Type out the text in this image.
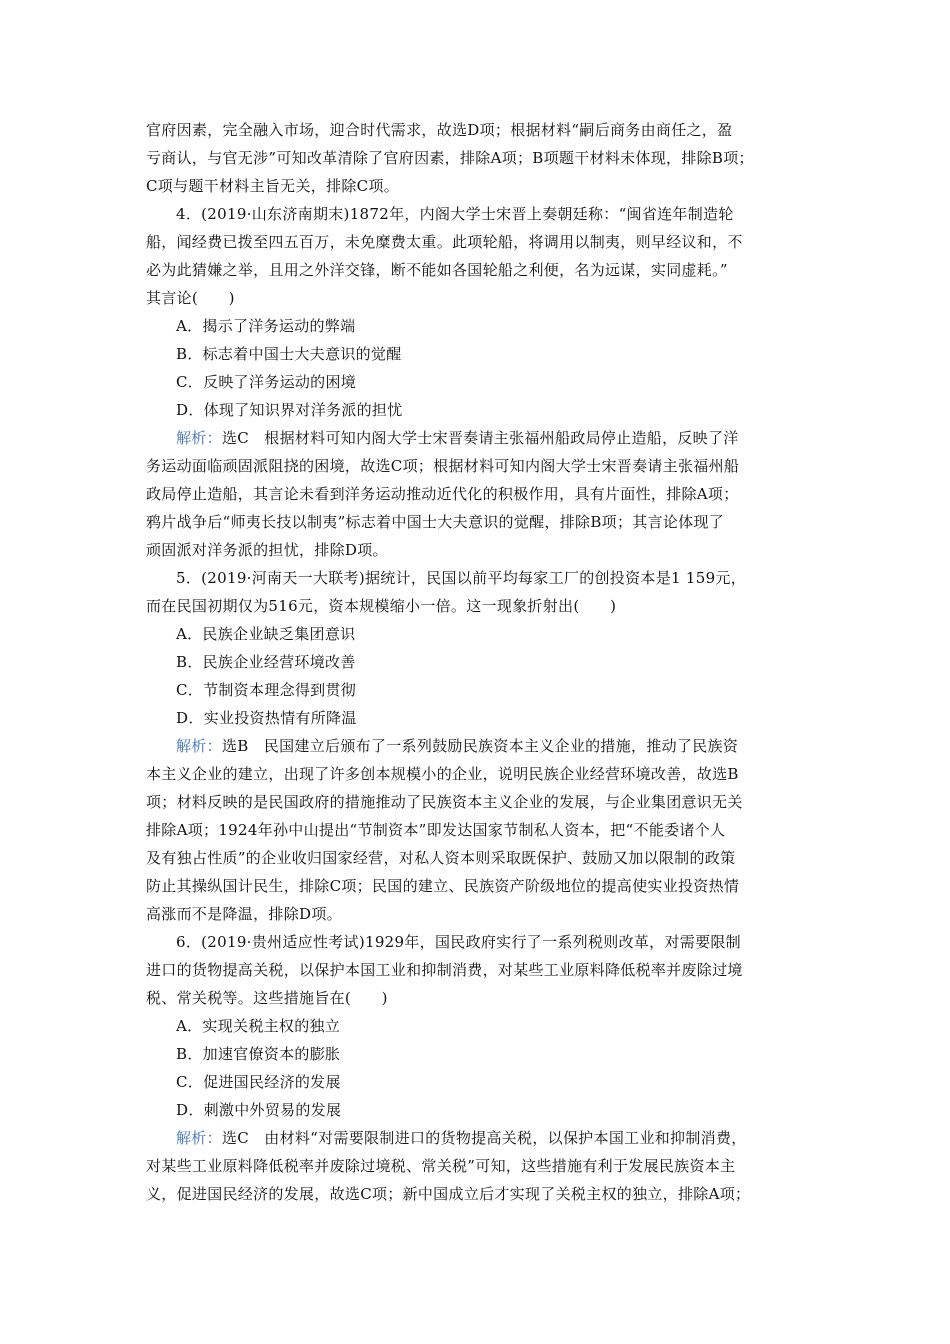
官府因素，完全融入市场，迎合时代需求，故选D项；根据材料“嗣后商务由商任之，盈
亏商认，与官无涉”可知改革清除了官府因素，排除A项；B项题干材料未体现，排除B项；
C项与题干材料主旨无关，排除C项。
4．(2019·山东济南期末)1872年，内阁大学士宋晋上奏朝廷称：“闽省连年制造轮
船，闻经费已拨至四五百万，未免糜费太重。此项轮船，将调用以制夷，则早经议和，不
必为此猜嫌之举，且用之外洋交锋，断不能如各国轮船之利便，名为远谋，实同虚耗。”
其言论(　　)
A．揭示了洋务运动的弊端
B．标志着中国士大夫意识的觉醒
C．反映了洋务运动的困境
D．体现了知识界对洋务派的担忧
解析：选C　根据材料可知内阁大学士宋晋奏请主张福州船政局停止造船，反映了洋
务运动面临顽固派阻挠的困境，故选C项；根据材料可知内阁大学士宋晋奏请主张福州船
政局停止造船，其言论未看到洋务运动推动近代化的积极作用，具有片面性，排除A项；
鸦片战争后“师夷长技以制夷”标志着中国士大夫意识的觉醒，排除B项；其言论体现了
顽固派对洋务派的担忧，排除D项。
5．(2019·河南天一大联考)据统计，民国以前平均每家工厂的创投资本是1 159元，
而在民国初期仅为516元，资本规模缩小一倍。这一现象折射出(　　)
A．民族企业缺乏集团意识
B．民族企业经营环境改善
C．节制资本理念得到贯彻
D．实业投资热情有所降温
解析：选B　民国建立后颁布了一系列鼓励民族资本主义企业的措施，推动了民族资
本主义企业的建立，出现了许多创本规模小的企业，说明民族企业经营环境改善，故选B
项；材料反映的是民国政府的措施推动了民族资本主义企业的发展，与企业集团意识无关
排除A项；1924年孙中山提出“节制资本”即发达国家节制私人资本，把“不能委诸个人
及有独占性质”的企业收归国家经营，对私人资本则采取既保护、鼓励又加以限制的政策
防止其操纵国计民生，排除C项；民国的建立、民族资产阶级地位的提高使实业投资热情
高涨而不是降温，排除D项。
6．(2019·贵州适应性考试)1929年，国民政府实行了一系列税则改革，对需要限制
进口的货物提高关税，以保护本国工业和抑制消费，对某些工业原料降低税率并废除过境
税、常关税等。这些措施旨在(　　)
A．实现关税主权的独立
B．加速官僚资本的膨胀
C．促进国民经济的发展
D．刺激中外贸易的发展
解析：选C　由材料“对需要限制进口的货物提高关税，以保护本国工业和抑制消费，
对某些工业原料降低税率并废除过境税、常关税”可知，这些措施有利于发展民族资本主
义，促进国民经济的发展，故选C项；新中国成立后才实现了关税主权的独立，排除A项；
